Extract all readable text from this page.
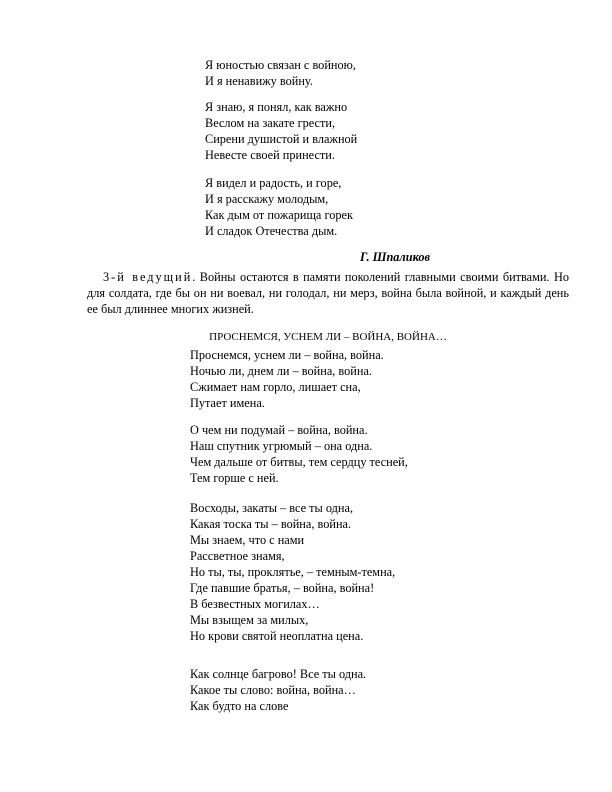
Я юностью связан с войною,
И я ненавижу войну.
Я знаю, я понял, как важно
Веслом на закате грести,
Сирени душистой и влажной
Невесте своей принести.
Я видел и радость, и горе,
И я расскажу молодым,
Как дым от пожарища горек
И сладок Отечества дым.
Г. Шпаликов

3-й ведущий. Войны остаются в памяти поколений главными своими битвами. Но для солдата, где бы он ни воевал, ни голодал, ни мерз, война была войной, и каждый день ее был длиннее многих жизней.

ПРОСНЕМСЯ, УСНЕМ ЛИ – ВОЙНА, ВОЙНА…
Проснемся, уснем ли – война, война.
Ночью ли, днем ли – война, война.
Сжимает нам горло, лишает сна,
Путает имена.
О чем ни подумай – война, война.
Наш спутник угрюмый – она одна.
Чем дальше от битвы, тем сердцу тесней,
Тем горше с ней.
Восходы, закаты – все ты одна,
Какая тоска ты – война, война.
Мы знаем, что с нами
Рассветное знамя,
Но ты, ты, проклятье, – темным-темна,
Где павшие братья, – война, война!
В безвестных могилах…
Мы взыщем за милых,
Но крови святой неоплатна цена.
Как солнце багрово! Все ты одна.
Какое ты слово: война, война…
Как будто на слове
